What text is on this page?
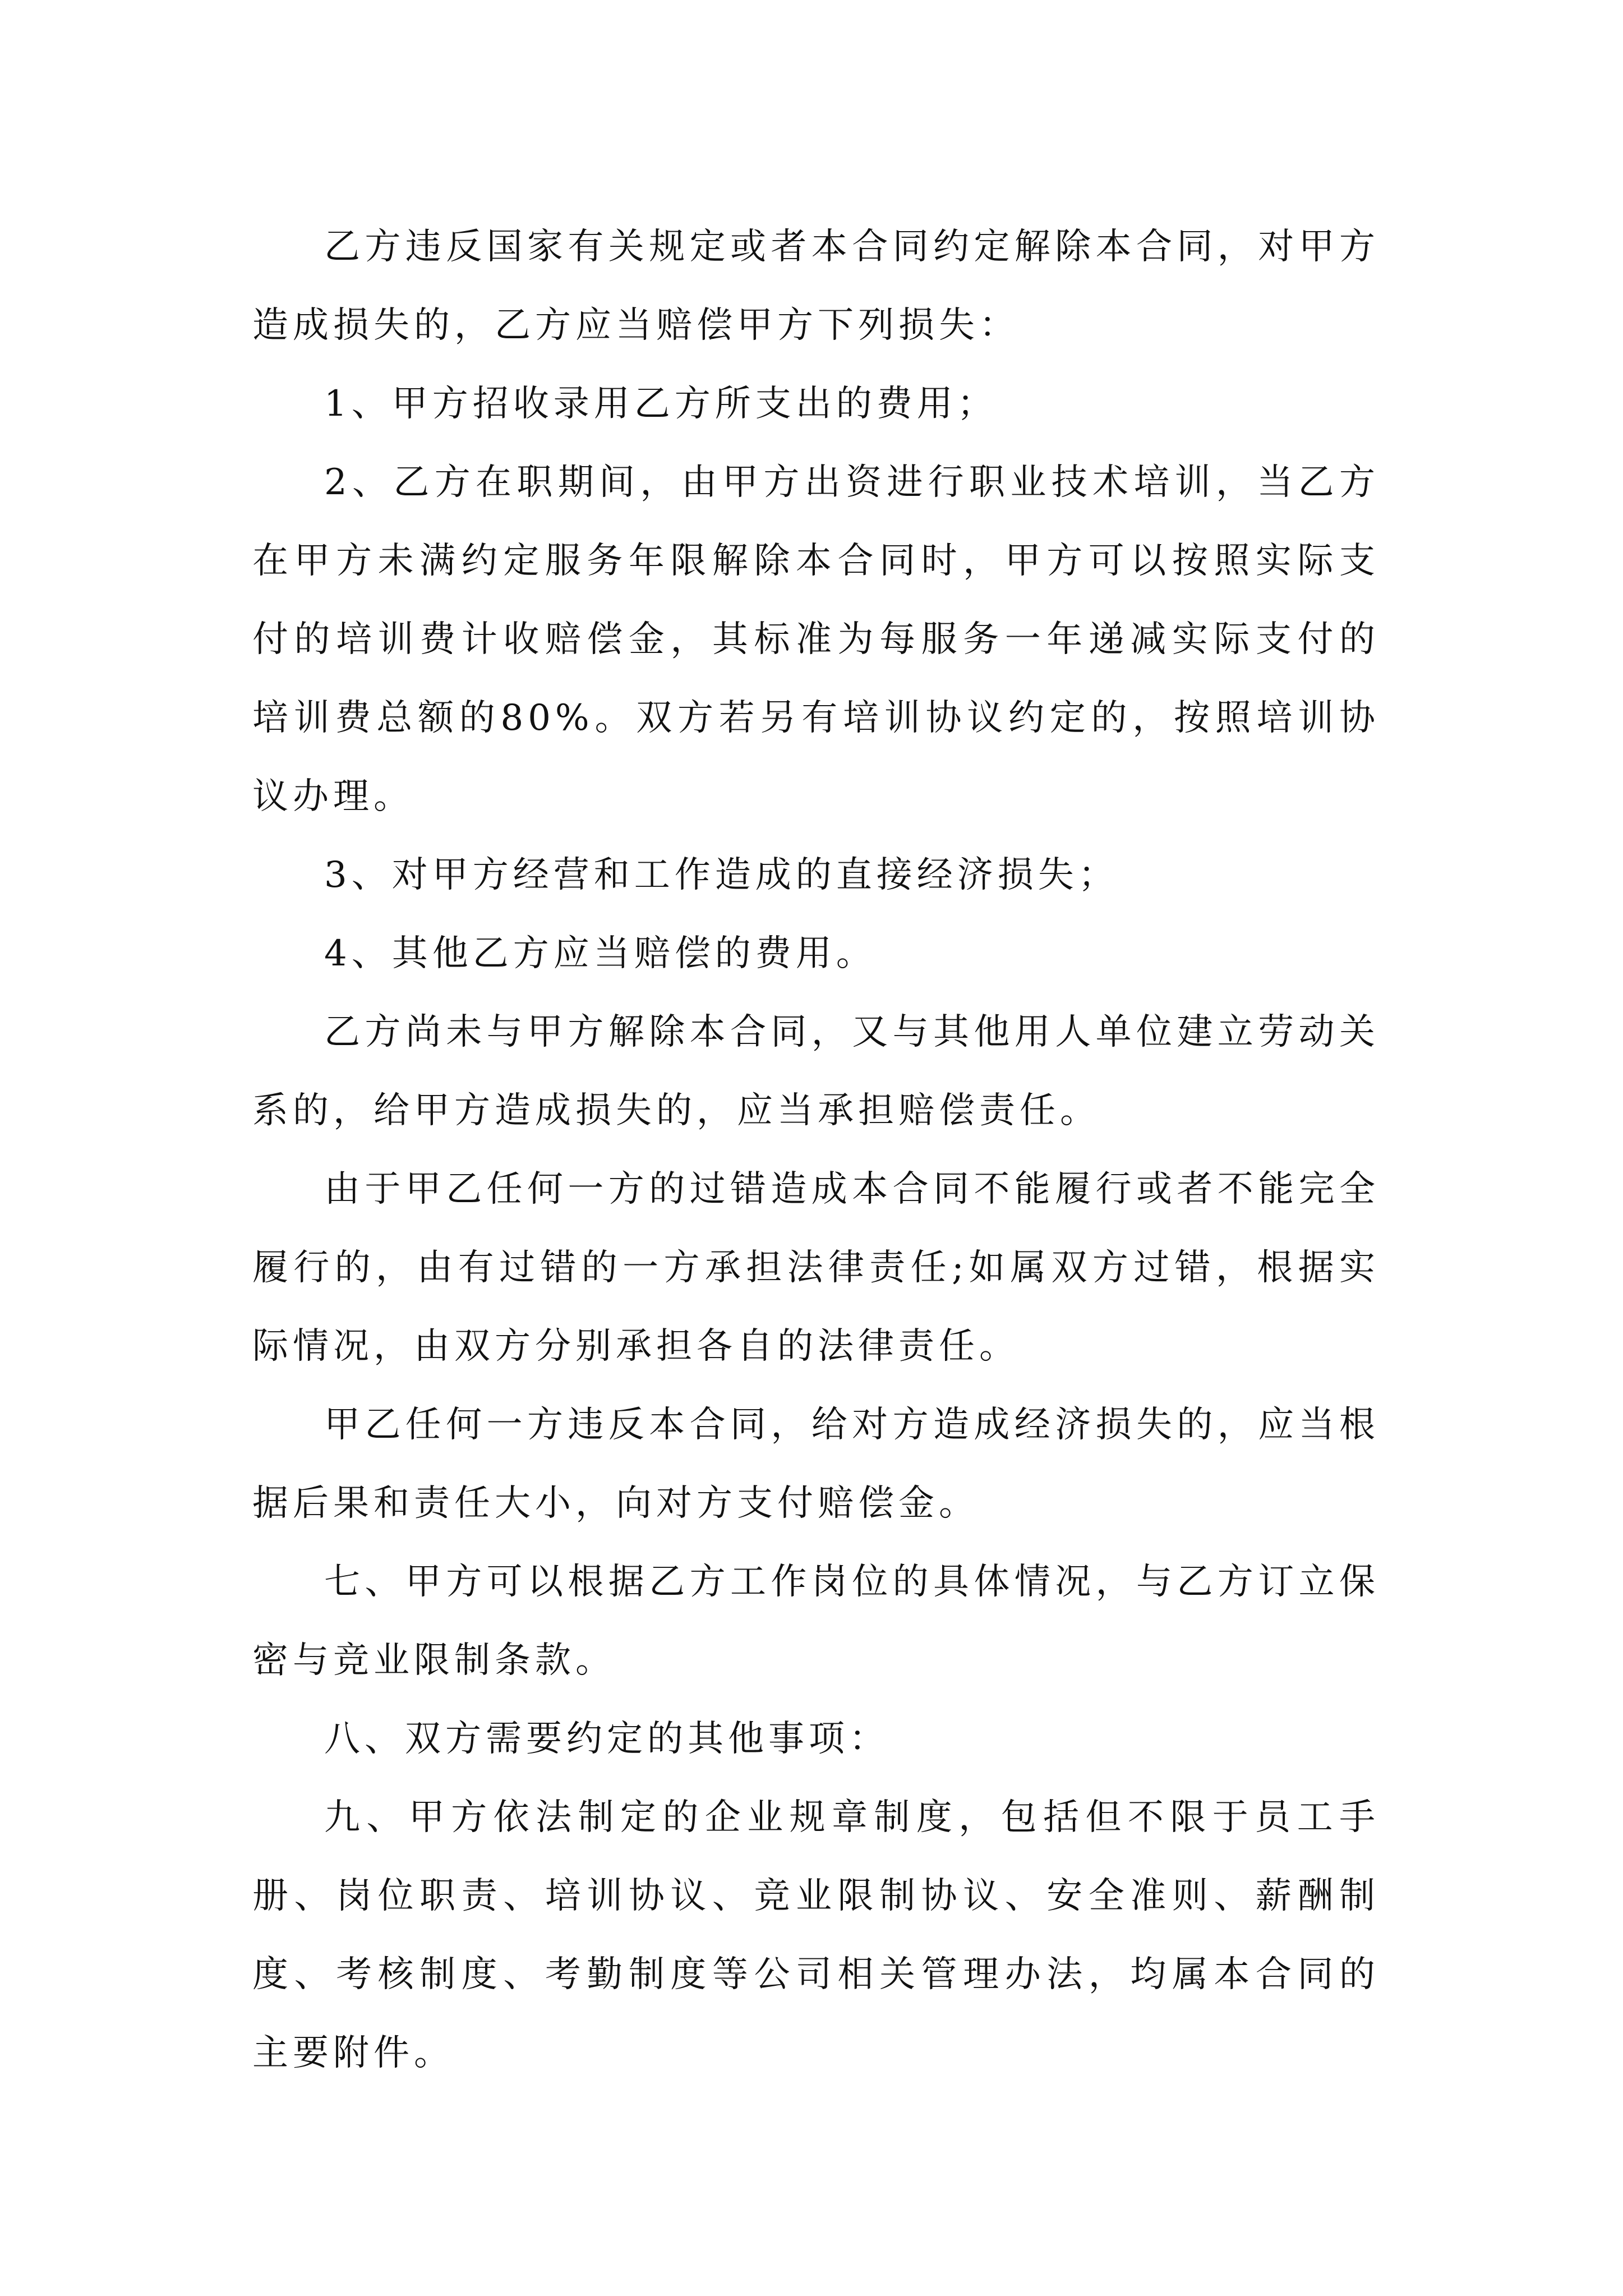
乙方违反国家有关规定或者本合同约定解除本合同，对甲方造成损失的，乙方应当赔偿甲方下列损失：

1、甲方招收录用乙方所支出的费用；

2、乙方在职期间，由甲方出资进行职业技术培训，当乙方在甲方未满约定服务年限解除本合同时，甲方可以按照实际支付的培训费计收赔偿金，其标准为每服务一年递减实际支付的培训费总额的80%。双方若另有培训协议约定的，按照培训协议办理。

3、对甲方经营和工作造成的直接经济损失；

4、其他乙方应当赔偿的费用。

乙方尚未与甲方解除本合同，又与其他用人单位建立劳动关系的，给甲方造成损失的，应当承担赔偿责任。

由于甲乙任何一方的过错造成本合同不能履行或者不能完全履行的，由有过错的一方承担法律责任;如属双方过错，根据实际情况，由双方分别承担各自的法律责任。

甲乙任何一方违反本合同，给对方造成经济损失的，应当根据后果和责任大小，向对方支付赔偿金。

七、甲方可以根据乙方工作岗位的具体情况，与乙方订立保密与竞业限制条款。

八、双方需要约定的其他事项：

九、甲方依法制定的企业规章制度，包括但不限于员工手册、岗位职责、培训协议、竞业限制协议、安全准则、薪酬制度、考核制度、考勤制度等公司相关管理办法，均属本合同的主要附件。
